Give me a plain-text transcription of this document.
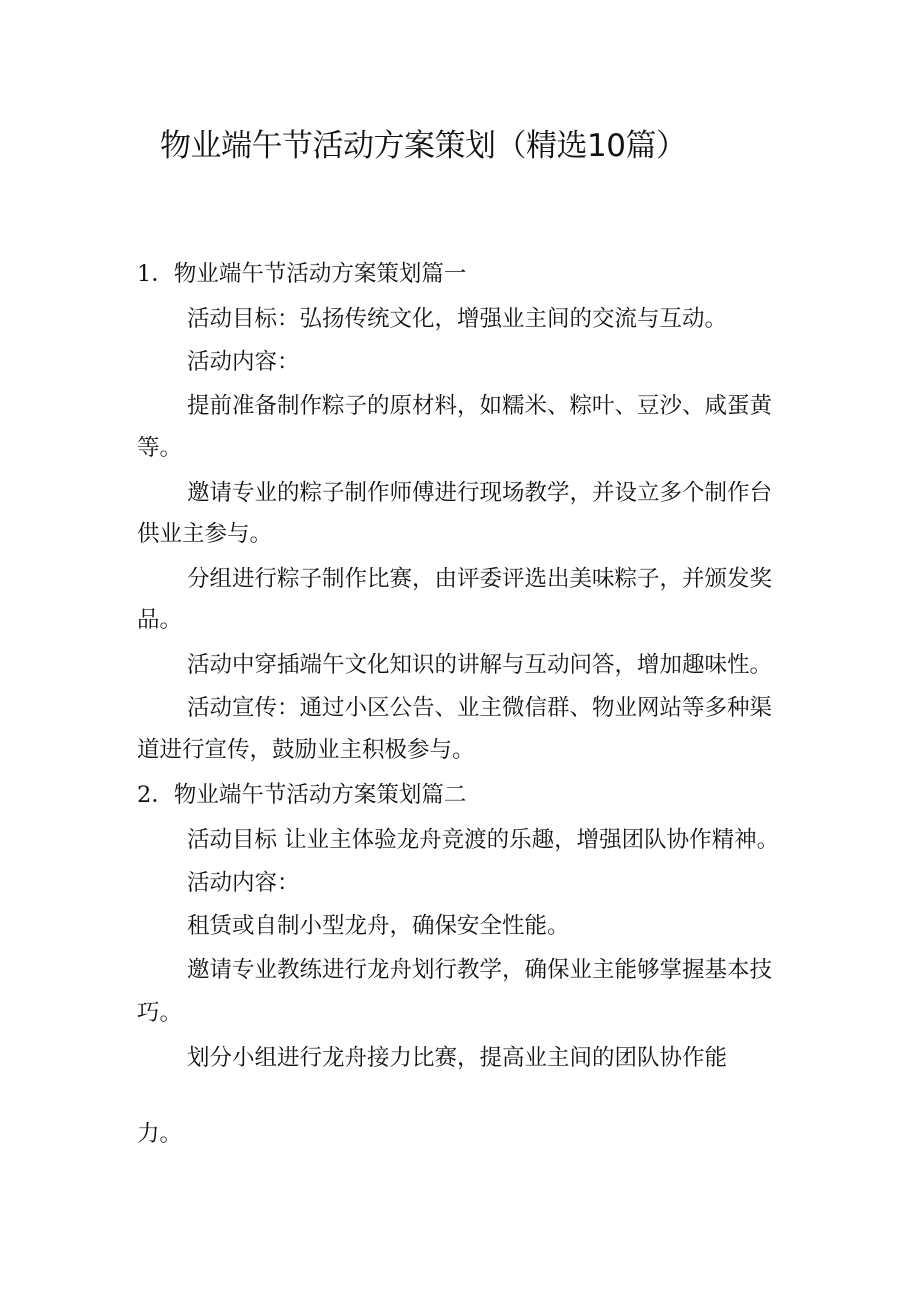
物业端午节活动方案策划（精选10篇）
1．物业端午节活动方案策划篇一
活动目标：弘扬传统文化，增强业主间的交流与互动。
活动内容：
提前准备制作粽子的原材料，如糯米、粽叶、豆沙、咸蛋黄
等。
邀请专业的粽子制作师傅进行现场教学，并设立多个制作台
供业主参与。
分组进行粽子制作比赛，由评委评选出美味粽子，并颁发奖
品。
活动中穿插端午文化知识的讲解与互动问答，增加趣味性。
活动宣传：通过小区公告、业主微信群、物业网站等多种渠
道进行宣传，鼓励业主积极参与。
2．物业端午节活动方案策划篇二
活动目标 让业主体验龙舟竞渡的乐趣，增强团队协作精神。
活动内容：
租赁或自制小型龙舟，确保安全性能。
邀请专业教练进行龙舟划行教学，确保业主能够掌握基本技
巧。
划分小组进行龙舟接力比赛，提高业主间的团队协作能
力。
